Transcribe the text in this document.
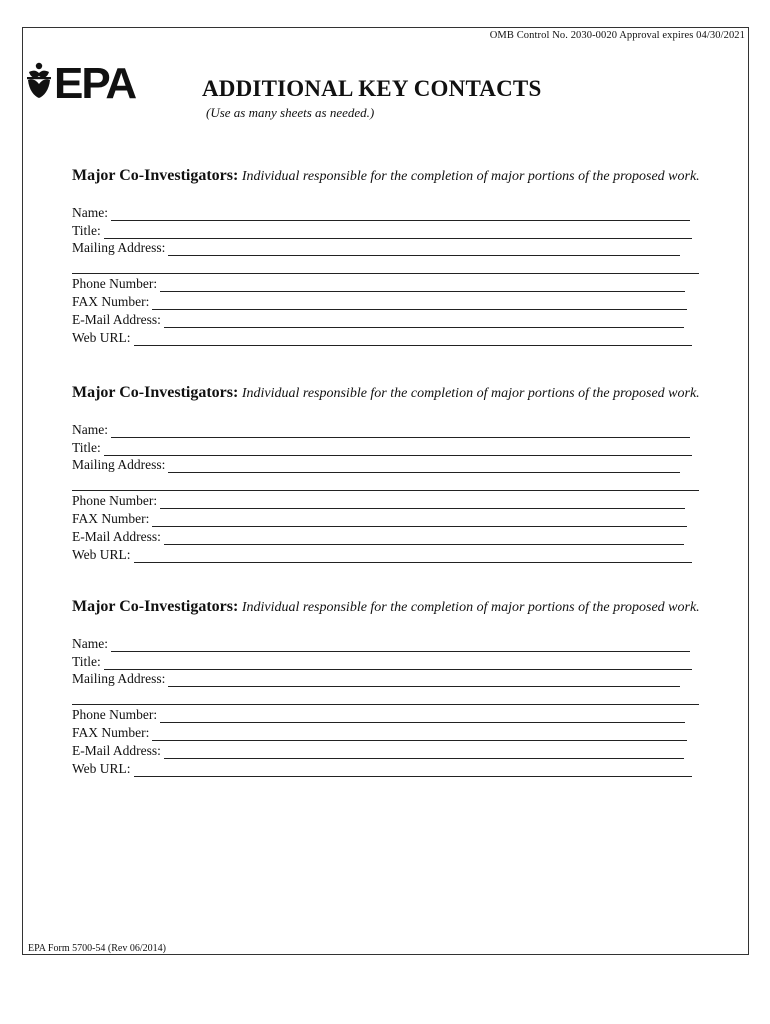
OMB Control No. 2030-0020 Approval expires 04/30/2021
EPA	ADDITIONAL KEY CONTACTS
(Use as many sheets as needed.)
Major Co-Investigators: Individual responsible for the completion of major portions of the proposed work.
Name:
Title:
Mailing Address:
Phone Number:
FAX Number:
E-Mail Address:
Web URL:
Major Co-Investigators: Individual responsible for the completion of major portions of the proposed work.
Name:
Title:
Mailing Address:
Phone Number:
FAX Number:
E-Mail Address:
Web URL:
Major Co-Investigators: Individual responsible for the completion of major portions of the proposed work.
Name:
Title:
Mailing Address:
Phone Number:
FAX Number:
E-Mail Address:
Web URL:
EPA Form 5700-54 (Rev 06/2014)
